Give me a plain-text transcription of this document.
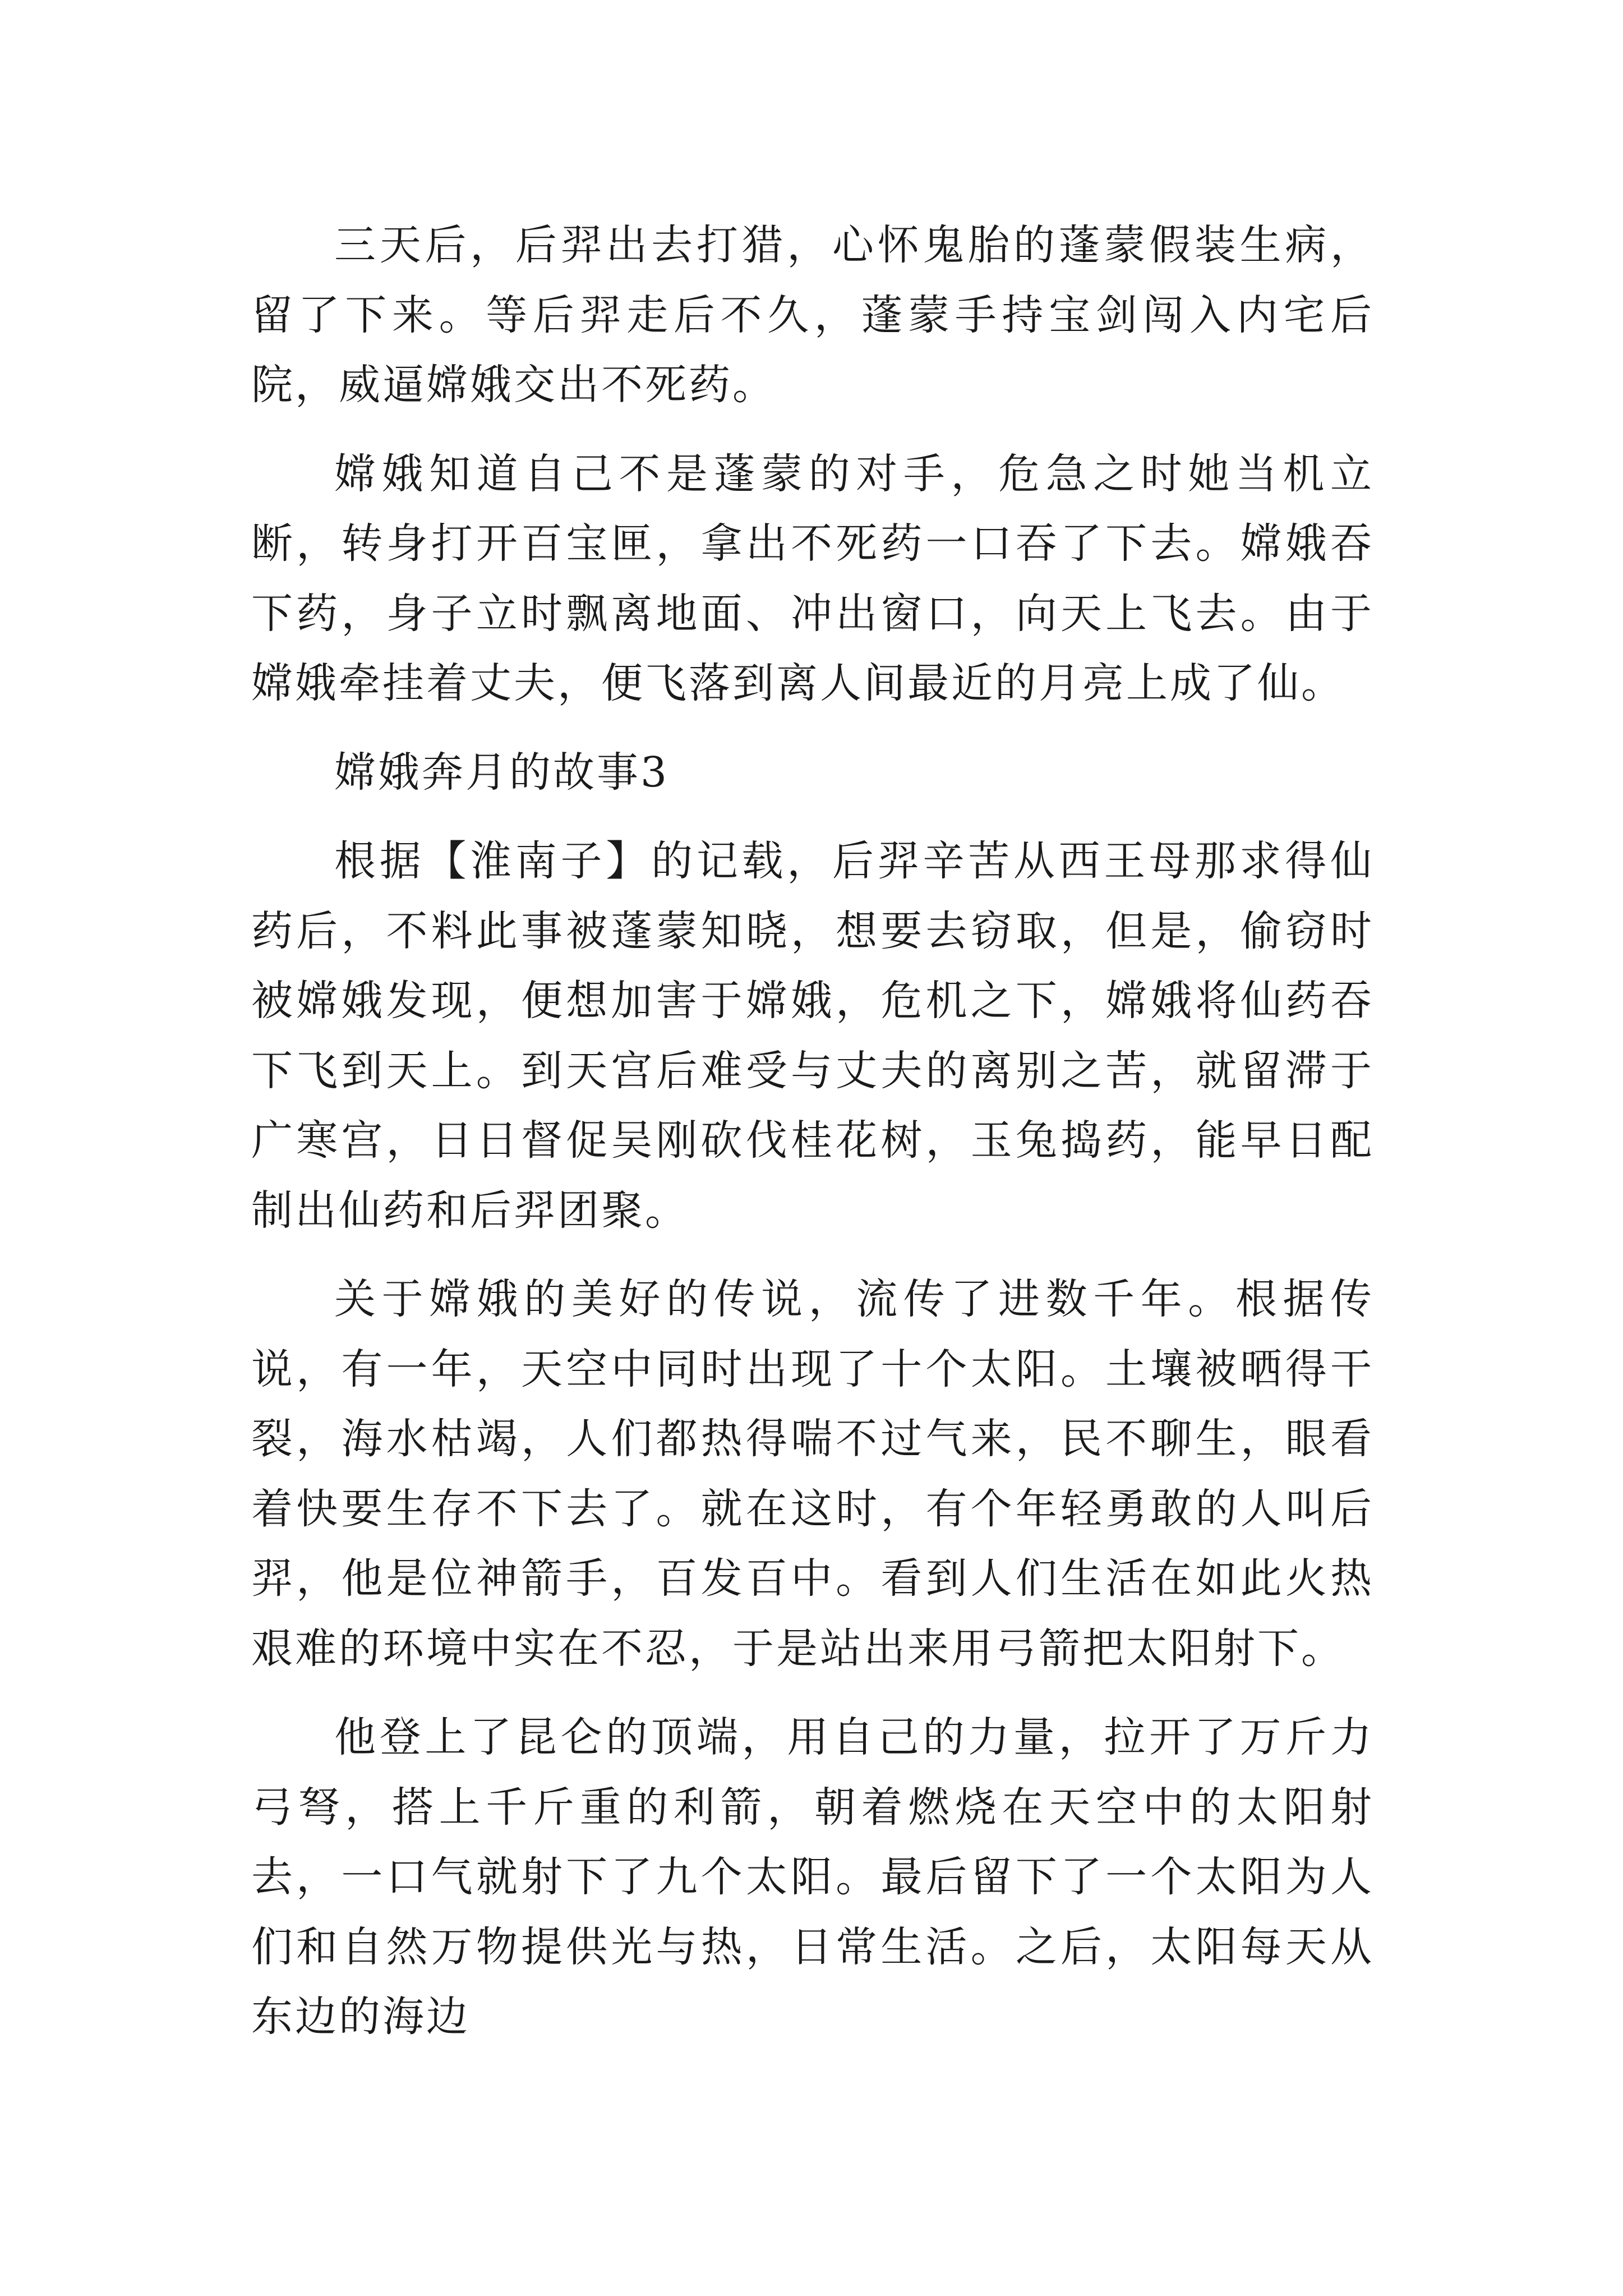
三天后，后羿出去打猎，心怀鬼胎的蓬蒙假装生病，留了下来。等后羿走后不久，蓬蒙手持宝剑闯入内宅后院，威逼嫦娥交出不死药。

嫦娥知道自己不是蓬蒙的对手，危急之时她当机立断，转身打开百宝匣，拿出不死药一口吞了下去。嫦娥吞下药，身子立时飘离地面、冲出窗口，向天上飞去。由于嫦娥牵挂着丈夫，便飞落到离人间最近的月亮上成了仙。

嫦娥奔月的故事3

根据【淮南子】的记载，后羿辛苦从西王母那求得仙药后，不料此事被蓬蒙知晓，想要去窃取，但是，偷窃时被嫦娥发现，便想加害于嫦娥，危机之下，嫦娥将仙药吞下飞到天上。到天宫后难受与丈夫的离别之苦，就留滞于广寒宫，日日督促吴刚砍伐桂花树，玉兔捣药，能早日配制出仙药和后羿团聚。

关于嫦娥的美好的传说，流传了进数千年。根据传说，有一年，天空中同时出现了十个太阳。土壤被晒得干裂，海水枯竭，人们都热得喘不过气来，民不聊生，眼看着快要生存不下去了。就在这时，有个年轻勇敢的人叫后羿，他是位神箭手，百发百中。看到人们生活在如此火热艰难的环境中实在不忍，于是站出来用弓箭把太阳射下。

他登上了昆仑的顶端，用自己的力量，拉开了万斤力弓弩，搭上千斤重的利箭，朝着燃烧在天空中的太阳射去，一口气就射下了九个太阳。最后留下了一个太阳为人们和自然万物提供光与热，日常生活。之后，太阳每天从东边的海边
